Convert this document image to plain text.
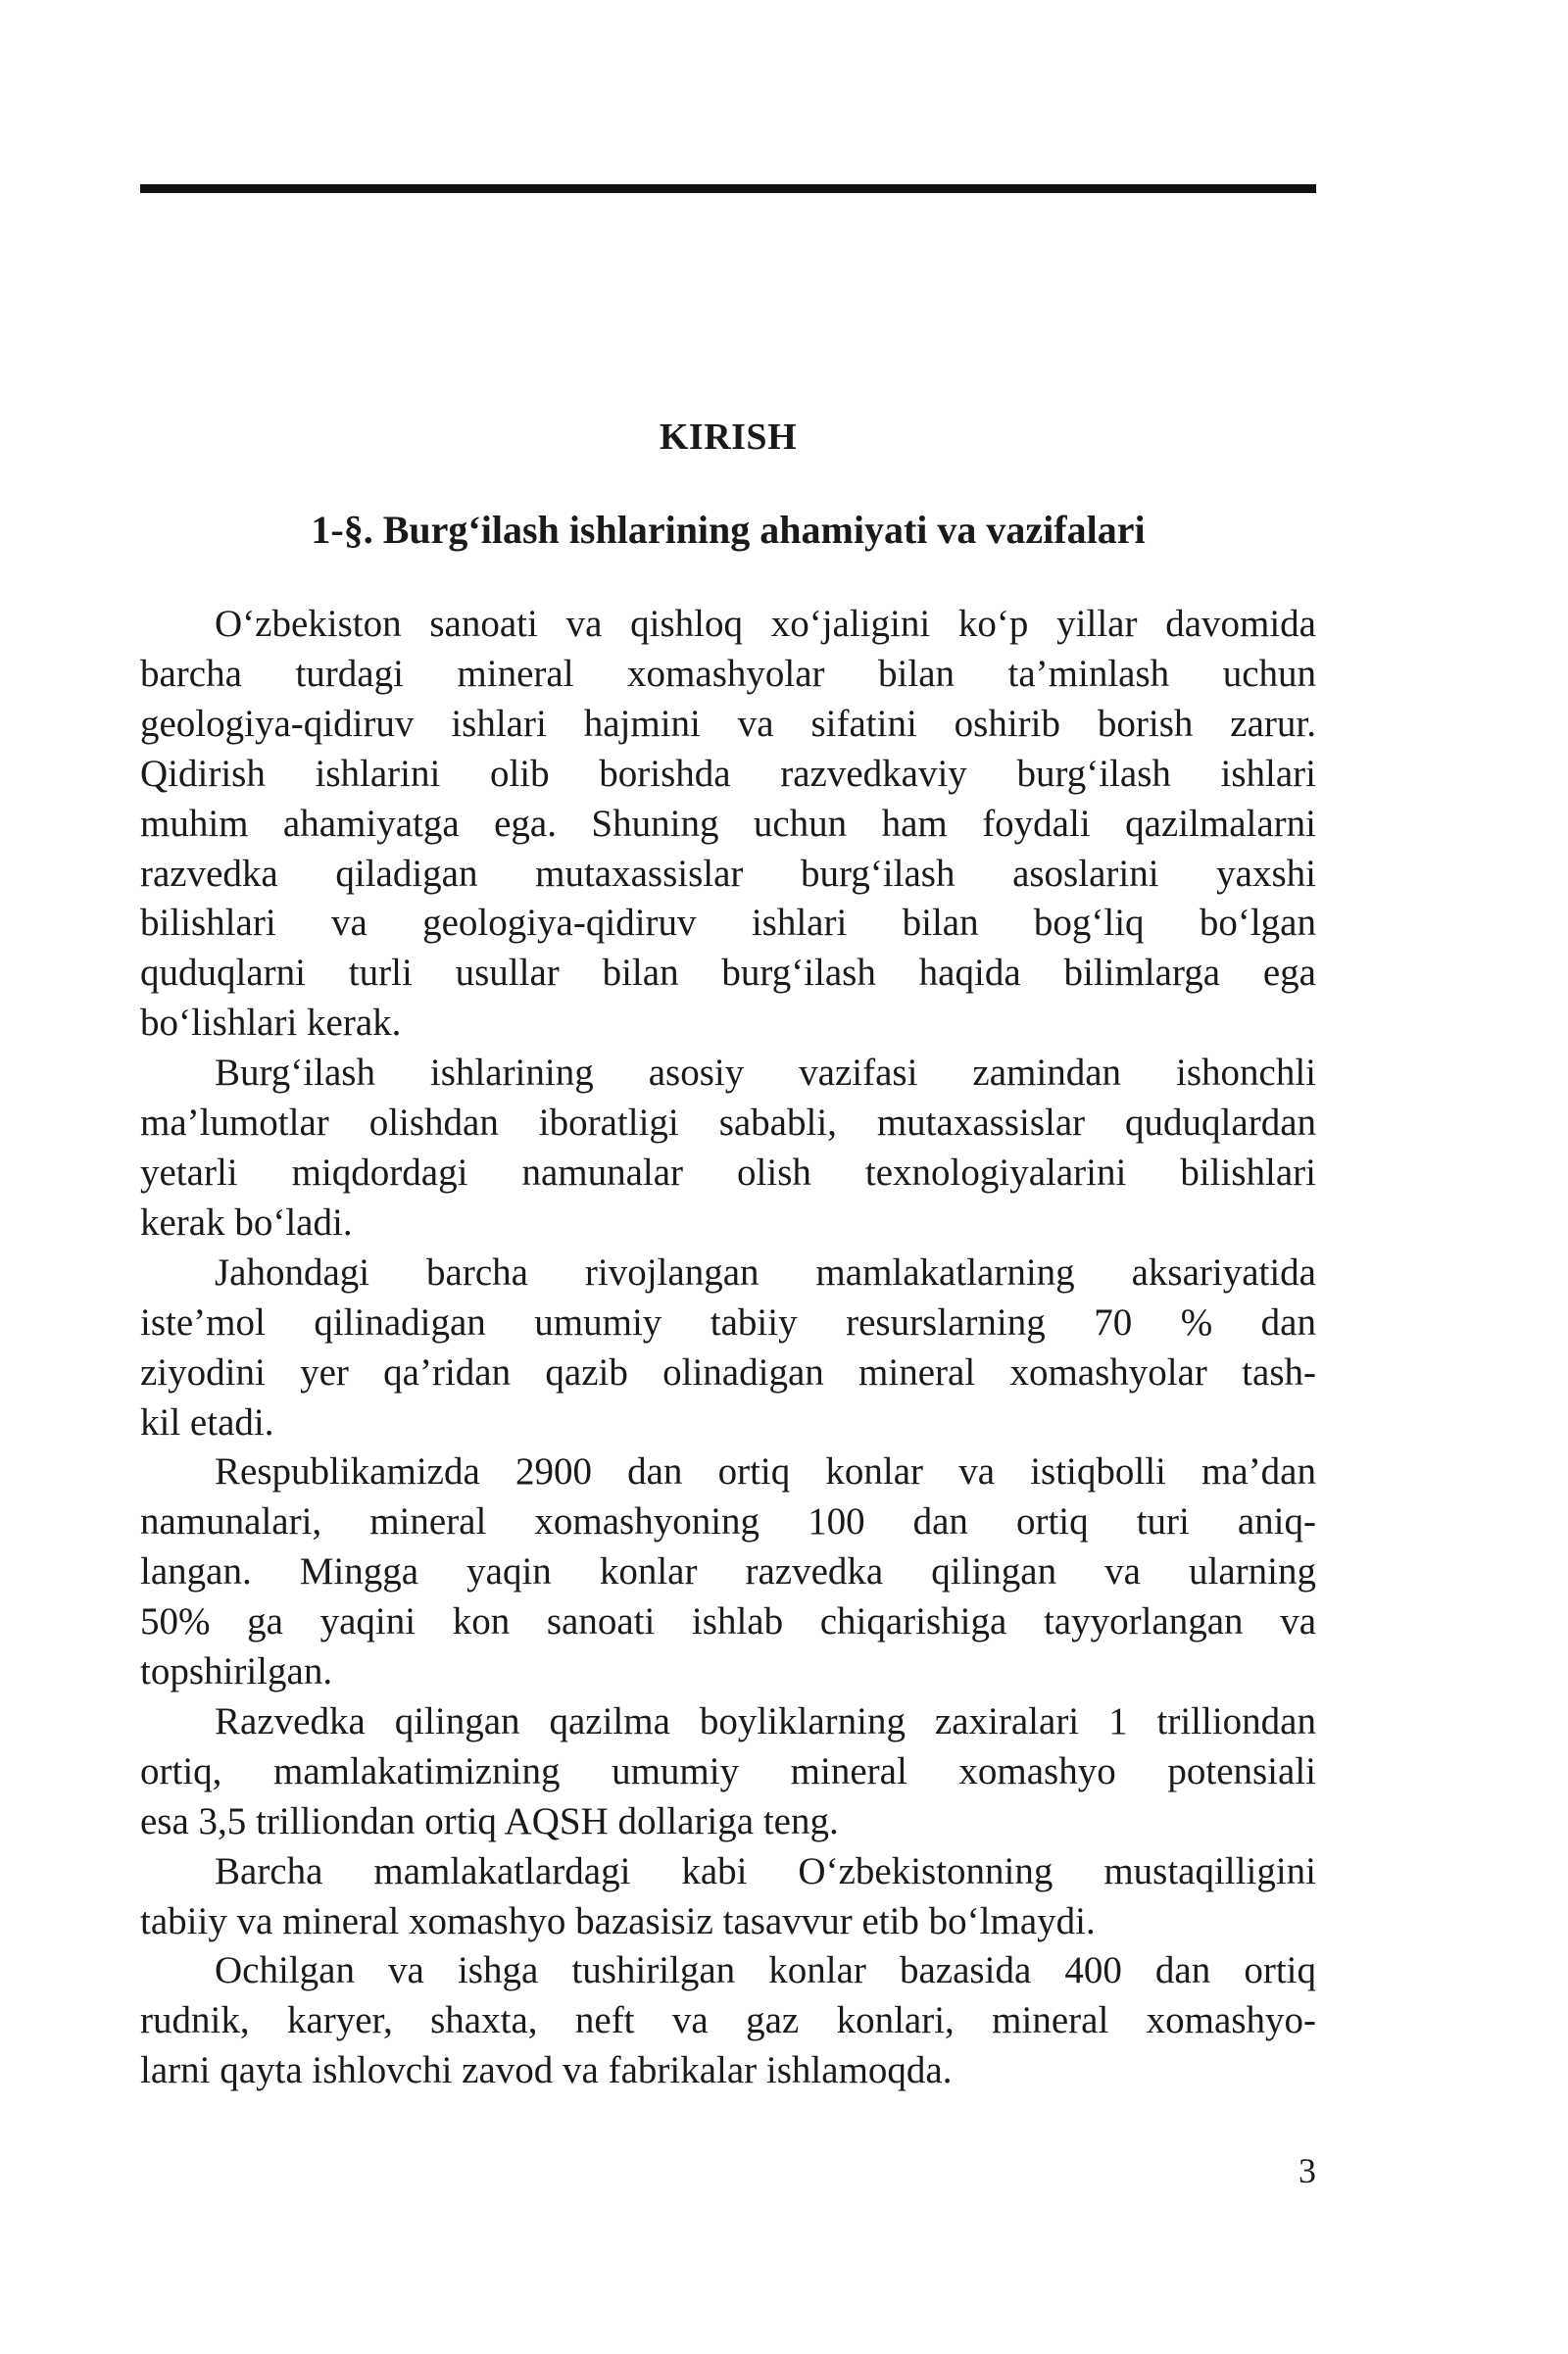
KIRISH
1-§. Burg‘ilash ishlarining ahamiyati va vazifalari

O‘zbekiston sanoati va qishloq xo‘jaligini ko‘p yillar davomida
barcha turdagi mineral xomashyolar bilan ta’minlash uchun
geologiya-qidiruv ishlari hajmini va sifatini oshirib borish zarur.
Qidirish ishlarini olib borishda razvedkaviy burg‘ilash ishlari
muhim ahamiyatga ega. Shuning uchun ham foydali qazilmalarni
razvedka qiladigan mutaxassislar burg‘ilash asoslarini yaxshi
bilishlari va geologiya-qidiruv ishlari bilan bog‘liq bo‘lgan
quduqlarni turli usullar bilan burg‘ilash haqida bilimlarga ega
bo‘lishlari kerak.

Burg‘ilash ishlarining asosiy vazifasi zamindan ishonchli
ma’lumotlar olishdan iboratligi sababli, mutaxassislar quduqlardan
yetarli miqdordagi namunalar olish texnologiyalarini bilishlari
kerak bo‘ladi.

Jahondagi barcha rivojlangan mamlakatlarning aksariyatida
iste’mol qilinadigan umumiy tabiiy resurslarning 70 % dan
ziyodini yer qa’ridan qazib olinadigan mineral xomashyolar tash-
kil etadi.

Respublikamizda 2900 dan ortiq konlar va istiqbolli ma’dan
namunalari, mineral xomashyoning 100 dan ortiq turi aniq-
langan. Mingga yaqin konlar razvedka qilingan va ularning
50% ga yaqini kon sanoati ishlab chiqarishiga tayyorlangan va
topshirilgan.

Razvedka qilingan qazilma boyliklarning zaxiralari 1 trilliondan
ortiq, mamlakatimizning umumiy mineral xomashyo potensiali
esa 3,5 trilliondan ortiq AQSH dollariga teng.

Barcha mamlakatlardagi kabi O‘zbekistonning mustaqilligini
tabiiy va mineral xomashyo bazasisiz tasavvur etib bo‘lmaydi.

Ochilgan va ishga tushirilgan konlar bazasida 400 dan ortiq
rudnik, karyer, shaxta, neft va gaz konlari, mineral xomashyo-
larni qayta ishlovchi zavod va fabrikalar ishlamoqda.

3
